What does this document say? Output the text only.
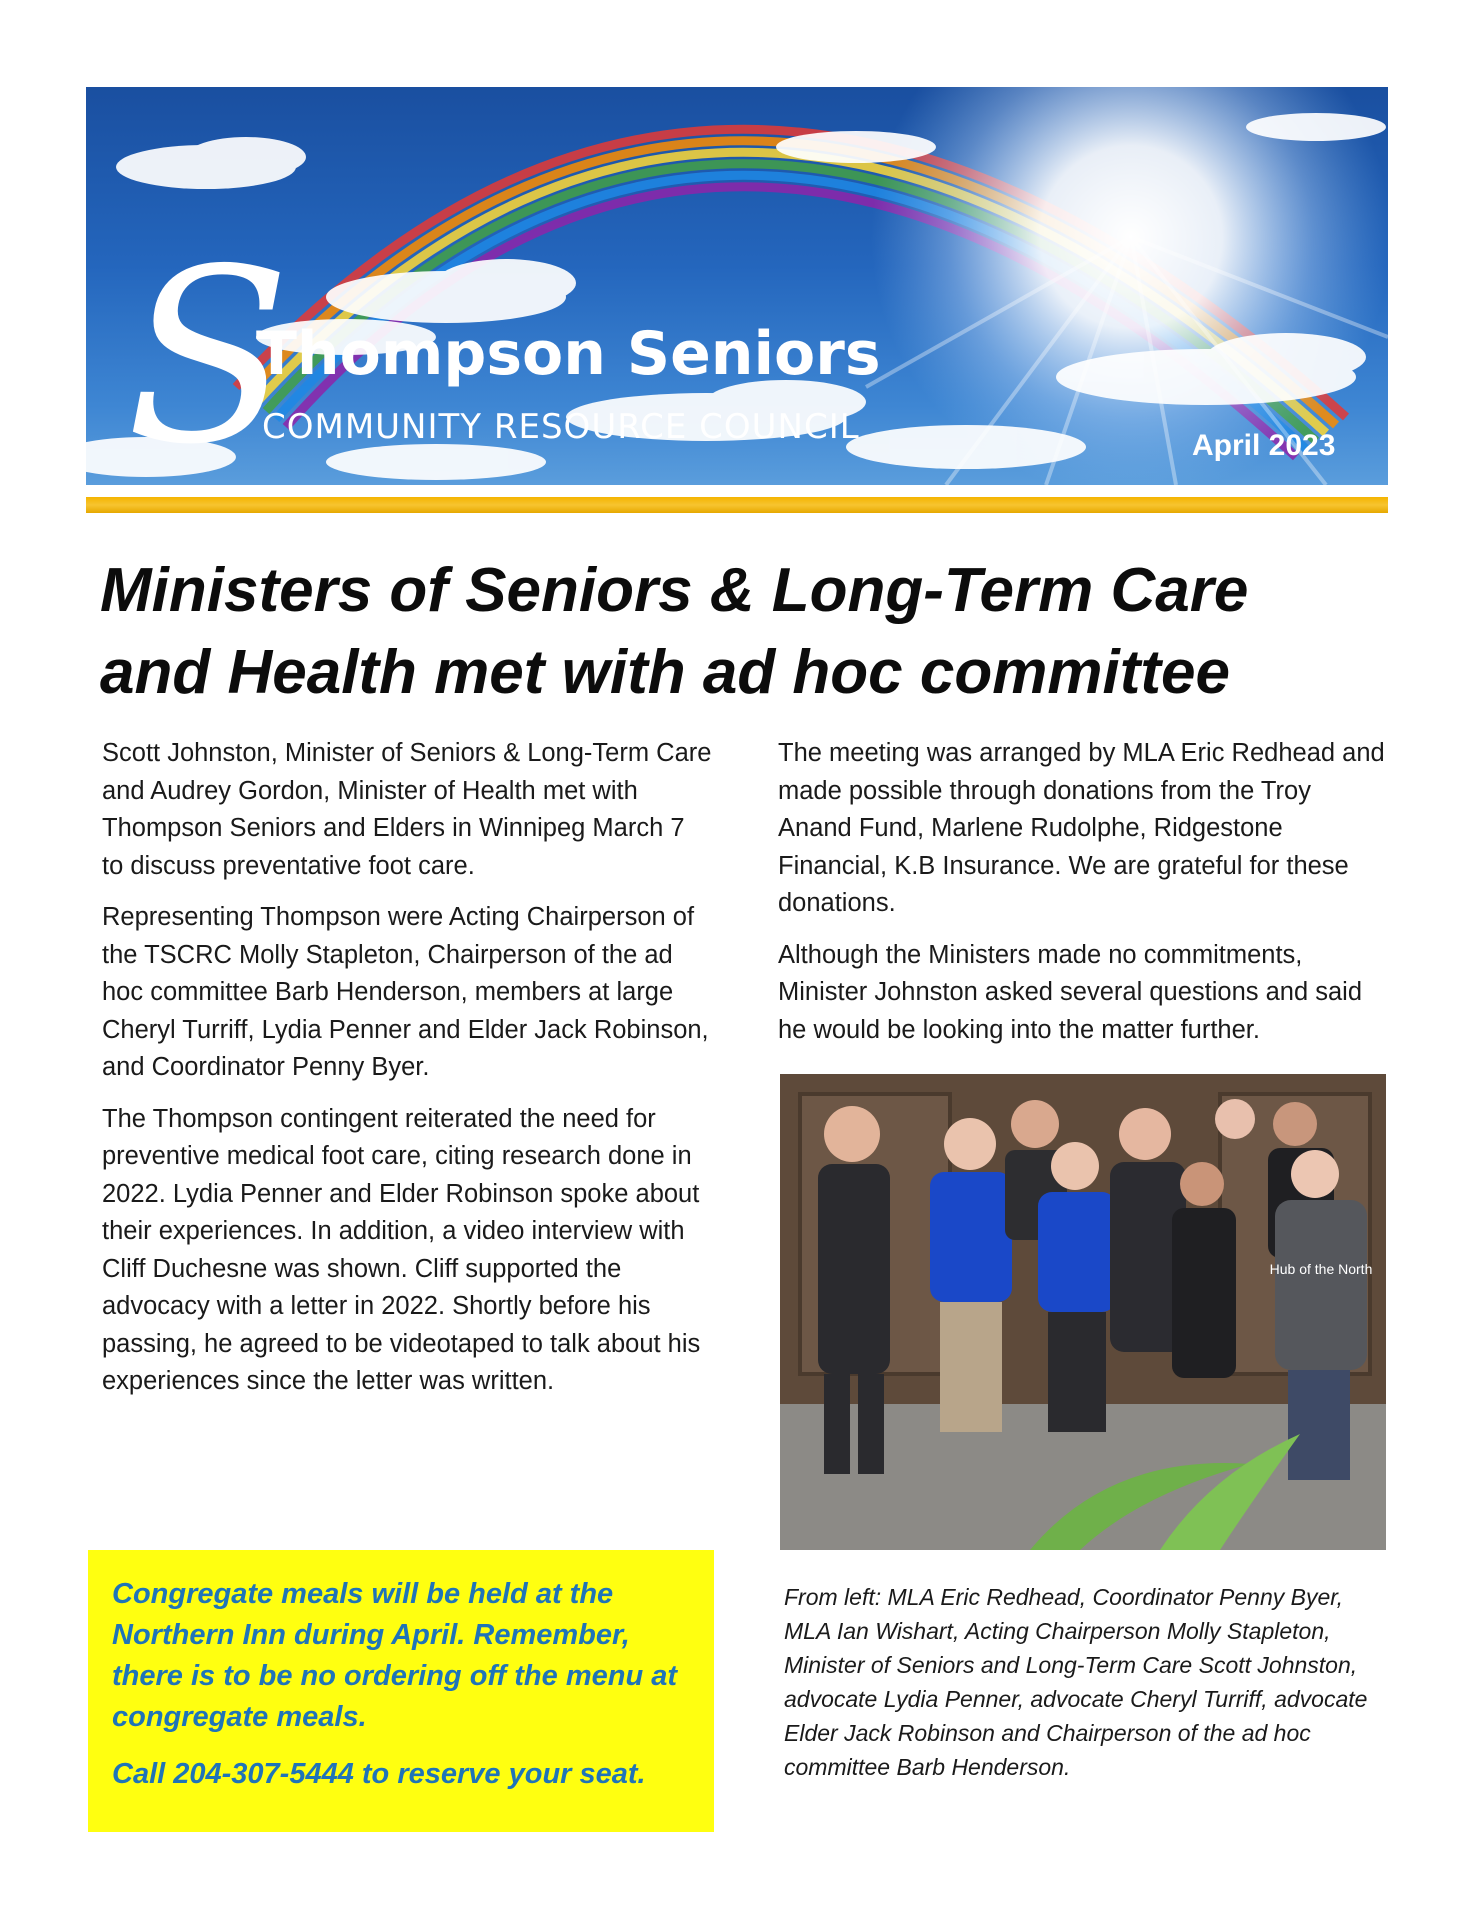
S
Thompson Seniors
COMMUNITY RESOURCE COUNCIL	April 2023
Ministers of Seniors & Long-Term Care
and Health met with ad hoc committee

Scott Johnston, Minister of Seniors & Long-Term Care and Audrey Gordon, Minister of Health met with Thompson Seniors and Elders in Winnipeg March 7 to discuss preventative foot care.

Representing Thompson were Acting Chairperson of the TSCRC Molly Stapleton, Chairperson of the ad hoc committee Barb Henderson, members at large Cheryl Turriff, Lydia Penner and Elder Jack Robinson, and Coordinator Penny Byer.

The Thompson contingent reiterated the need for preventive medical foot care, citing research done in 2022. Lydia Penner and Elder Robinson spoke about their experiences. In addition, a video interview with Cliff Duchesne was shown. Cliff supported the advocacy with a letter in 2022. Shortly before his passing, he agreed to be videotaped to talk about his experiences since the letter was written.

The meeting was arranged by MLA Eric Redhead and made possible through donations from the Troy Anand Fund, Marlene Rudolphe, Ridgestone Financial, K.B Insurance. We are grateful for these donations.

Although the Ministers made no commitments, Minister Johnston asked several questions and said he would be looking into the matter further.

Hub of the North

Congregate meals will be held at the Northern Inn during April. Remember, there is to be no ordering off the menu at congregate meals.

Call 204-307-5444 to reserve your seat.

From left: MLA Eric Redhead, Coordinator Penny Byer, MLA Ian Wishart, Acting Chairperson Molly Stapleton, Minister of Seniors and Long-Term Care Scott Johnston, advocate Lydia Penner, advocate Cheryl Turriff, advocate Elder Jack Robinson and Chairperson of the ad hoc committee Barb Henderson.
